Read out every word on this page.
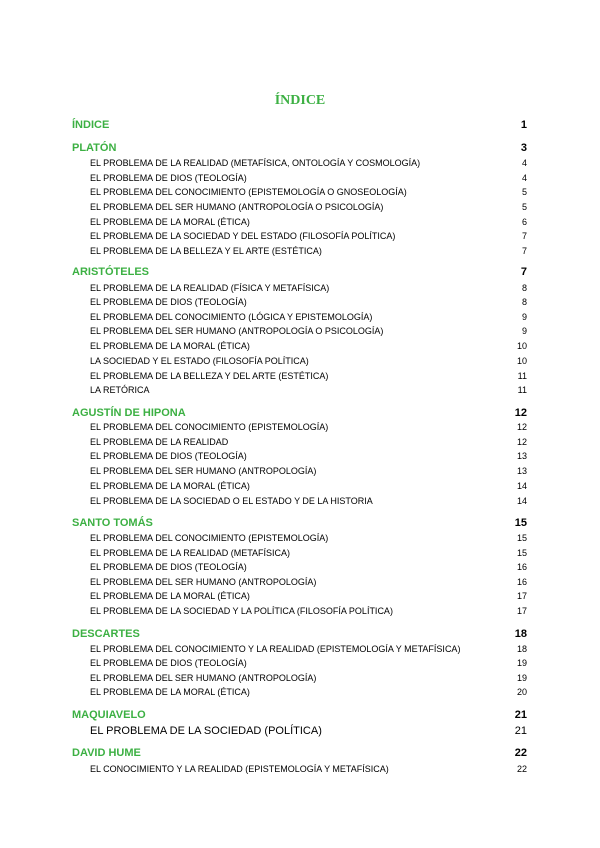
ÍNDICE
ÍNDICE	1
PLATÓN	3
EL PROBLEMA DE LA REALIDAD (METAFÍSICA, ONTOLOGÍA Y COSMOLOGÍA)	4
EL PROBLEMA DE DIOS (TEOLOGÍA)	4
EL PROBLEMA DEL CONOCIMIENTO (EPISTEMOLOGÍA O GNOSEOLOGÍA)	5
EL PROBLEMA DEL SER HUMANO (ANTROPOLOGÍA O PSICOLOGÍA)	5
EL PROBLEMA DE LA MORAL (ÉTICA)	6
EL PROBLEMA DE LA SOCIEDAD Y DEL ESTADO (FILOSOFÍA POLÍTICA)	7
EL PROBLEMA DE LA BELLEZA Y EL ARTE (ESTÉTICA)	7
ARISTÓTELES	7
EL PROBLEMA DE LA REALIDAD (FÍSICA Y METAFÍSICA)	8
EL PROBLEMA DE DIOS (TEOLOGÍA)	8
EL PROBLEMA DEL CONOCIMIENTO (LÓGICA Y EPISTEMOLOGÍA)	9
EL PROBLEMA DEL SER HUMANO (ANTROPOLOGÍA O PSICOLOGÍA)	9
EL PROBLEMA DE LA MORAL (ÉTICA)	10
LA SOCIEDAD Y EL ESTADO (FILOSOFÍA POLÍTICA)	10
EL PROBLEMA DE LA BELLEZA Y DEL ARTE (ESTÉTICA)	11
LA RETÓRICA	11
AGUSTÍN DE HIPONA	12
EL PROBLEMA DEL CONOCIMIENTO (EPISTEMOLOGÍA)	12
EL PROBLEMA DE LA REALIDAD	12
EL PROBLEMA DE DIOS (TEOLOGÍA)	13
EL PROBLEMA DEL SER HUMANO (ANTROPOLOGÍA)	13
EL PROBLEMA DE LA MORAL (ÉTICA)	14
EL PROBLEMA DE LA SOCIEDAD O EL ESTADO Y DE LA HISTORIA	14
SANTO TOMÁS	15
EL PROBLEMA DEL CONOCIMIENTO (EPISTEMOLOGÍA)	15
EL PROBLEMA DE LA REALIDAD (METAFÍSICA)	15
EL PROBLEMA DE DIOS (TEOLOGÍA)	16
EL PROBLEMA DEL SER HUMANO (ANTROPOLOGÍA)	16
EL PROBLEMA DE LA MORAL (ÉTICA)	17
EL PROBLEMA DE LA SOCIEDAD Y LA POLÍTICA (FILOSOFÍA POLÍTICA)	17
DESCARTES	18
EL PROBLEMA DEL CONOCIMIENTO Y LA REALIDAD (EPISTEMOLOGÍA Y METAFÍSICA)	18
EL PROBLEMA DE DIOS (TEOLOGÍA)	19
EL PROBLEMA DEL SER HUMANO (ANTROPOLOGÍA)	19
EL PROBLEMA DE LA MORAL (ÉTICA)	20
MAQUIAVELO	21
EL PROBLEMA DE LA SOCIEDAD (POLÍTICA)	21
DAVID HUME	22
EL CONOCIMIENTO Y LA REALIDAD (EPISTEMOLOGÍA Y METAFÍSICA)	22
